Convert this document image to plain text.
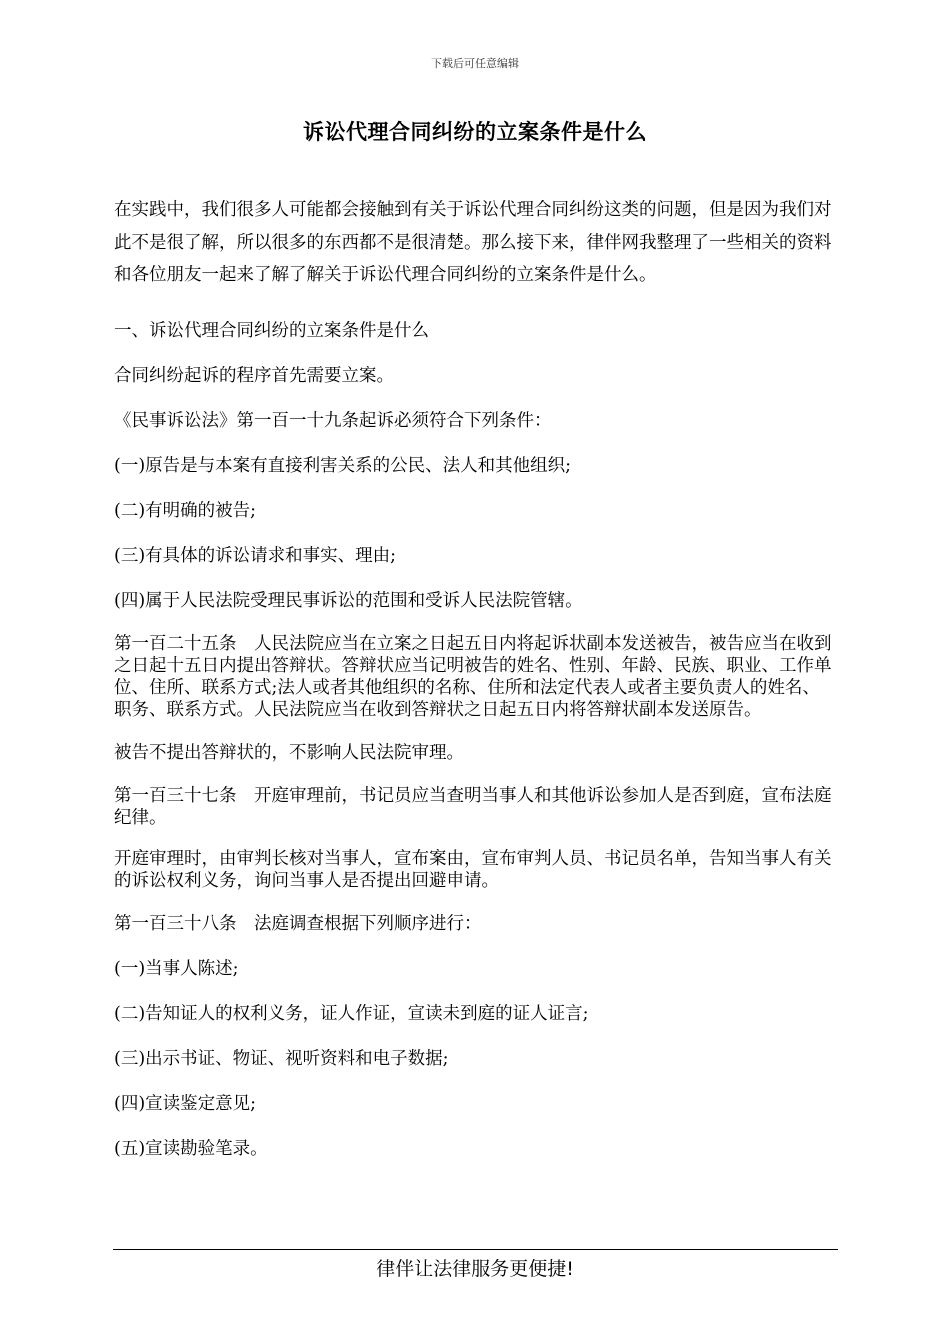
下载后可任意编辑
诉讼代理合同纠纷的立案条件是什么
在实践中，我们很多人可能都会接触到有关于诉讼代理合同纠纷这类的问题，但是因为我们对此不是很了解，所以很多的东西都不是很清楚。那么接下来，律伴网我整理了一些相关的资料和各位朋友一起来了解了解关于诉讼代理合同纠纷的立案条件是什么。
一、诉讼代理合同纠纷的立案条件是什么
合同纠纷起诉的程序首先需要立案。
《民事诉讼法》第一百一十九条起诉必须符合下列条件：
(一)原告是与本案有直接利害关系的公民、法人和其他组织;
(二)有明确的被告;
(三)有具体的诉讼请求和事实、理由;
(四)属于人民法院受理民事诉讼的范围和受诉人民法院管辖。
第一百二十五条　人民法院应当在立案之日起五日内将起诉状副本发送被告，被告应当在收到之日起十五日内提出答辩状。答辩状应当记明被告的姓名、性别、年龄、民族、职业、工作单位、住所、联系方式;法人或者其他组织的名称、住所和法定代表人或者主要负责人的姓名、职务、联系方式。人民法院应当在收到答辩状之日起五日内将答辩状副本发送原告。
被告不提出答辩状的，不影响人民法院审理。
第一百三十七条　开庭审理前，书记员应当查明当事人和其他诉讼参加人是否到庭，宣布法庭纪律。
开庭审理时，由审判长核对当事人，宣布案由，宣布审判人员、书记员名单，告知当事人有关的诉讼权利义务，询问当事人是否提出回避申请。
第一百三十八条　法庭调查根据下列顺序进行：
(一)当事人陈述;
(二)告知证人的权利义务，证人作证，宣读未到庭的证人证言;
(三)出示书证、物证、视听资料和电子数据;
(四)宣读鉴定意见;
(五)宣读勘验笔录。
律伴让法律服务更便捷!
